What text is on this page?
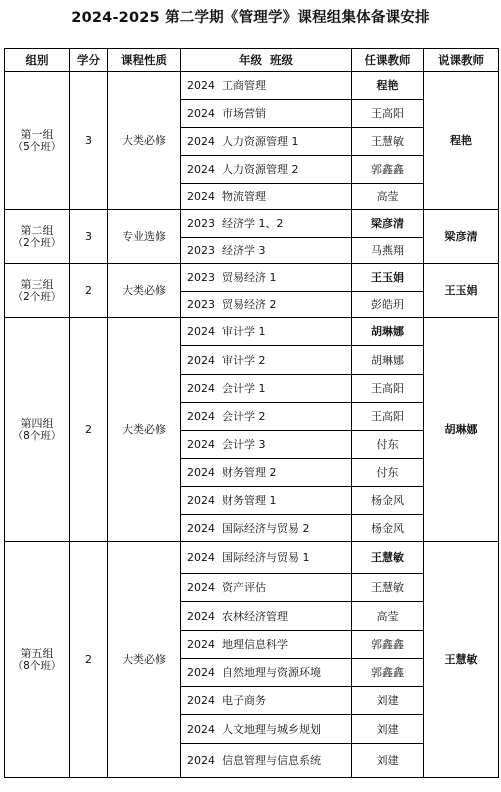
2024-2025 第二学期《管理学》课程组集体备课安排
组别	学分	课程性质	年级  班级	任课教师	说课教师

第一组
（5个班）	3	大类必修	2024  工商管理	程艳	程艳
			2024  市场营销	王高阳	
			2024  人力资源管理 1	王慧敏	
			2024  人力资源管理 2	郭鑫鑫	
			2024  物流管理	高莹	

第二组
（2个班）	3	专业选修	2023  经济学 1、2	梁彦清	梁彦清
			2023  经济学 3	马燕翔	

第三组
（2个班）	2	大类必修	2023  贸易经济 1	王玉娟	王玉娟
			2023  贸易经济 2	彭皓玥	

第四组
（8个班）	2	大类必修	2024  审计学 1	胡琳娜	胡琳娜
			2024  审计学 2	胡琳娜	
			2024  会计学 1	王高阳	
			2024  会计学 2	王高阳	
			2024  会计学 3	付东	
			2024  财务管理 2	付东	
			2024  财务管理 1	杨金风	
			2024  国际经济与贸易 2	杨金风	

第五组
（8个班）	2	大类必修	2024  国际经济与贸易 1	王慧敏	王慧敏
			2024  资产评估	王慧敏	
			2024  农林经济管理	高莹	
			2024  地理信息科学	郭鑫鑫	
			2024  自然地理与资源环境	郭鑫鑫	
			2024  电子商务	刘建	
			2024  人文地理与城乡规划	刘建	
			2024  信息管理与信息系统	刘建	
